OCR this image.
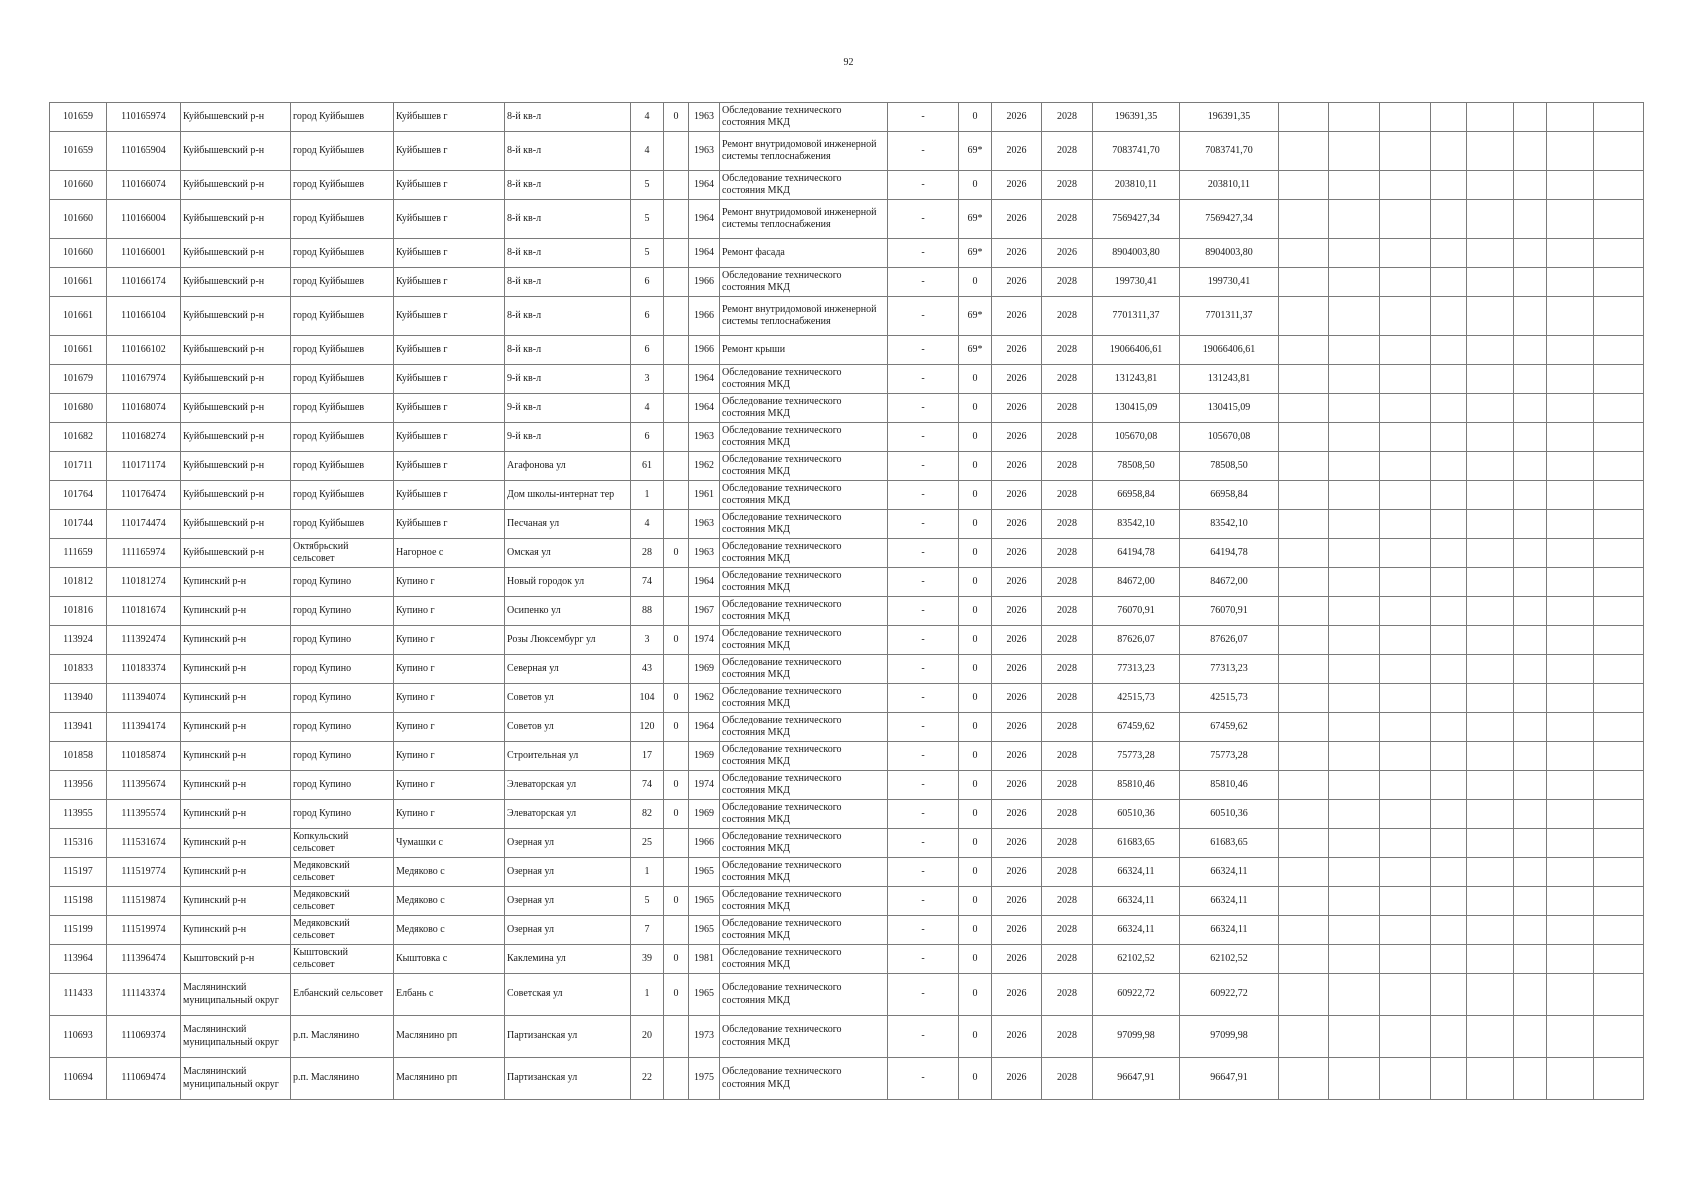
92
101659	110165974	Куйбышевский р-н	город Куйбышев	Куйбышев г	8-й кв-л	4	0	1963	Обследование технического состояния МКД	-	0	2026	2028	196391,35	196391,35								
101659	110165904	Куйбышевский р-н	город Куйбышев	Куйбышев г	8-й кв-л	4		1963	Ремонт внутридомовой инженерной системы теплоснабжения	-	69*	2026	2028	7083741,70	7083741,70								
101660	110166074	Куйбышевский р-н	город Куйбышев	Куйбышев г	8-й кв-л	5		1964	Обследование технического состояния МКД	-	0	2026	2028	203810,11	203810,11								
101660	110166004	Куйбышевский р-н	город Куйбышев	Куйбышев г	8-й кв-л	5		1964	Ремонт внутридомовой инженерной системы теплоснабжения	-	69*	2026	2028	7569427,34	7569427,34								
101660	110166001	Куйбышевский р-н	город Куйбышев	Куйбышев г	8-й кв-л	5		1964	Ремонт фасада	-	69*	2026	2026	8904003,80	8904003,80								
101661	110166174	Куйбышевский р-н	город Куйбышев	Куйбышев г	8-й кв-л	6		1966	Обследование технического состояния МКД	-	0	2026	2028	199730,41	199730,41								
101661	110166104	Куйбышевский р-н	город Куйбышев	Куйбышев г	8-й кв-л	6		1966	Ремонт внутридомовой инженерной системы теплоснабжения	-	69*	2026	2028	7701311,37	7701311,37								
101661	110166102	Куйбышевский р-н	город Куйбышев	Куйбышев г	8-й кв-л	6		1966	Ремонт крыши	-	69*	2026	2028	19066406,61	19066406,61								
101679	110167974	Куйбышевский р-н	город Куйбышев	Куйбышев г	9-й кв-л	3		1964	Обследование технического состояния МКД	-	0	2026	2028	131243,81	131243,81								
101680	110168074	Куйбышевский р-н	город Куйбышев	Куйбышев г	9-й кв-л	4		1964	Обследование технического состояния МКД	-	0	2026	2028	130415,09	130415,09								
101682	110168274	Куйбышевский р-н	город Куйбышев	Куйбышев г	9-й кв-л	6		1963	Обследование технического состояния МКД	-	0	2026	2028	105670,08	105670,08								
101711	110171174	Куйбышевский р-н	город Куйбышев	Куйбышев г	Агафонова ул	61		1962	Обследование технического состояния МКД	-	0	2026	2028	78508,50	78508,50								
101764	110176474	Куйбышевский р-н	город Куйбышев	Куйбышев г	Дом школы-интернат тер	1		1961	Обследование технического состояния МКД	-	0	2026	2028	66958,84	66958,84								
101744	110174474	Куйбышевский р-н	город Куйбышев	Куйбышев г	Песчаная ул	4		1963	Обследование технического состояния МКД	-	0	2026	2028	83542,10	83542,10								
111659	111165974	Куйбышевский р-н	Октябрьский сельсовет	Нагорное с	Омская ул	28	0	1963	Обследование технического состояния МКД	-	0	2026	2028	64194,78	64194,78								
101812	110181274	Купинский р-н	город Купино	Купино г	Новый городок ул	74		1964	Обследование технического состояния МКД	-	0	2026	2028	84672,00	84672,00								
101816	110181674	Купинский р-н	город Купино	Купино г	Осипенко ул	88		1967	Обследование технического состояния МКД	-	0	2026	2028	76070,91	76070,91								
113924	111392474	Купинский р-н	город Купино	Купино г	Розы Люксембург ул	3	0	1974	Обследование технического состояния МКД	-	0	2026	2028	87626,07	87626,07								
101833	110183374	Купинский р-н	город Купино	Купино г	Северная ул	43		1969	Обследование технического состояния МКД	-	0	2026	2028	77313,23	77313,23								
113940	111394074	Купинский р-н	город Купино	Купино г	Советов ул	104	0	1962	Обследование технического состояния МКД	-	0	2026	2028	42515,73	42515,73								
113941	111394174	Купинский р-н	город Купино	Купино г	Советов ул	120	0	1964	Обследование технического состояния МКД	-	0	2026	2028	67459,62	67459,62								
101858	110185874	Купинский р-н	город Купино	Купино г	Строительная ул	17		1969	Обследование технического состояния МКД	-	0	2026	2028	75773,28	75773,28								
113956	111395674	Купинский р-н	город Купино	Купино г	Элеваторская ул	74	0	1974	Обследование технического состояния МКД	-	0	2026	2028	85810,46	85810,46								
113955	111395574	Купинский р-н	город Купино	Купино г	Элеваторская ул	82	0	1969	Обследование технического состояния МКД	-	0	2026	2028	60510,36	60510,36								
115316	111531674	Купинский р-н	Копкульский сельсовет	Чумашки с	Озерная ул	25		1966	Обследование технического состояния МКД	-	0	2026	2028	61683,65	61683,65								
115197	111519774	Купинский р-н	Медяковский сельсовет	Медяково с	Озерная ул	1		1965	Обследование технического состояния МКД	-	0	2026	2028	66324,11	66324,11								
115198	111519874	Купинский р-н	Медяковский сельсовет	Медяково с	Озерная ул	5	0	1965	Обследование технического состояния МКД	-	0	2026	2028	66324,11	66324,11								
115199	111519974	Купинский р-н	Медяковский сельсовет	Медяково с	Озерная ул	7		1965	Обследование технического состояния МКД	-	0	2026	2028	66324,11	66324,11								
113964	111396474	Кыштовский р-н	Кыштовский сельсовет	Кыштовка с	Каклемина ул	39	0	1981	Обследование технического состояния МКД	-	0	2026	2028	62102,52	62102,52								
111433	111143374	Маслянинский муниципальный округ	Елбанский сельсовет	Елбань с	Советская ул	1	0	1965	Обследование технического состояния МКД	-	0	2026	2028	60922,72	60922,72								
110693	111069374	Маслянинский муниципальный округ	р.п. Маслянино	Маслянино рп	Партизанская ул	20		1973	Обследование технического состояния МКД	-	0	2026	2028	97099,98	97099,98								
110694	111069474	Маслянинский муниципальный округ	р.п. Маслянино	Маслянино рп	Партизанская ул	22		1975	Обследование технического состояния МКД	-	0	2026	2028	96647,91	96647,91								
